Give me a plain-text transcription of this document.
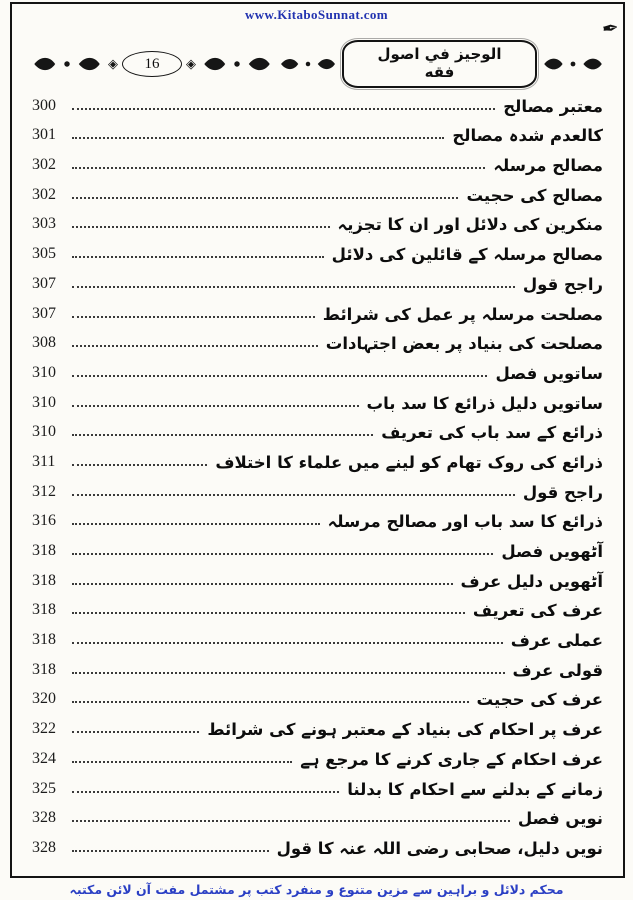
www.KitaboSunnat.com
✒
◈ 16 ◈
الوجيز في اصول فقه
300	معتبر مصالح
301	کالعدم شدہ مصالح
302	مصالح مرسلہ
302	مصالح کی حجیت
303	منکرین کی دلائل اور ان کا تجزیہ
305	مصالح مرسلہ کے قائلین کی دلائل
307	راجح قول
307	مصلحت مرسلہ پر عمل کی شرائط
308	مصلحت کی بنیاد پر بعض اجتہادات
310	ساتویں فصل
310	ساتویں دلیل ذرائع کا سد باب
310	ذرائع کے سد باب کی تعریف
311	ذرائع کی روک تھام کو لینے میں علماء کا اختلاف
312	راجح قول
316	ذرائع کا سد باب اور مصالح مرسلہ
318	آٹھویں فصل
318	آٹھویں دلیل عرف
318	عرف کی تعریف
318	عملی عرف
318	قولی عرف
320	عرف کی حجیت
322	عرف پر احکام کی بنیاد کے معتبر ہونے کی شرائط
324	عرف احکام کے جاری کرنے کا مرجع ہے
325	زمانے کے بدلنے سے احکام کا بدلنا
328	نویں فصل
328	نویں دلیل، صحابی رضی اللہ عنہ کا قول
محکم دلائل و براہین سے مزین متنوع و منفرد کتب پر مشتمل مفت آن لائن مکتبہ
